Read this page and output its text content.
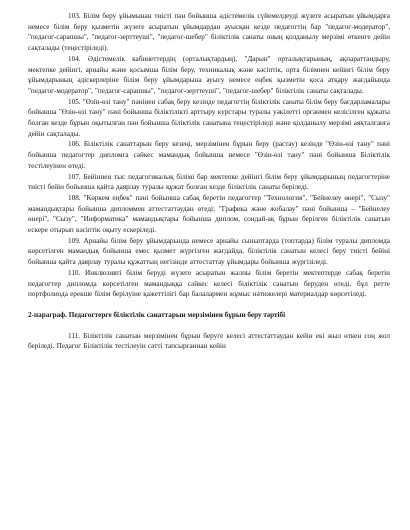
103. Білім беру ұйымынан тиісті пән бойынша әдістемелік сүйемелдеуді жүзеге асыратын ұйымдарға немесе білім беру қызметін жүзеге асыратын ұйымдардан ауысқан кезде педагогтің бар "педагог-модератор", "педагог-сарапшы", "педагог-зерттеуші", "педагог-шебер" біліктілік санаты оның қолданылу мерзімі өткенге дейін сақталады (теңестіріледі).

104. Әдістемелік кабинеттердің (орталықтардың), "Дарын" орталықтарының, ақпараттандыру, мектепке дейінгі, арнайы және қосымша білім беру, техникалық және кәсіптік, орта білімнен кейінгі білім беру ұйымдарының әдіскерлеріне білім беру ұйымдарына ауысу немесе еңбек қызметін қоса атқару жағдайында "педагог-модератор", "педагог-сарапшы", "педагог-зерттеуші", "педагог-шебер" біліктілік санаты сақталады.

105. "Өзін-өзі тану" пәнінен сабақ беру кезінде педагогтің біліктілік санаты білім беру бағдарламалары бойынша "Өзін-өзі тану" пәні бойынша біліктілікті арттыру курстары туралы уәкілетті органмен келісілген құжаты болған кезде бұрын оқытылған пән бойынша біліктілік санатына теңестіріледі және қолданылу мерзімі аяқталғанға дейін сақталады.

106. Біліктілік санаттарын беру кезеңі, мерзімінен бұрын беру (растау) кезінде "Өзін-өзі тану" пәні бойынша педагогтер дипломға сәйкес мамандық бойынша немесе "Өзін-өзі тану" пәні бойынша Біліктілік тестілеуінен өтеді.

107. Бейіннен тыс педагогикалық білімі бар мектепке дейінгі білім беру ұйымдарының педагогтеріне тиісті бейін бойынша қайта даярлау туралы құжат болған кезде біліктілік санаты беріледі.

108. "Көркем еңбек" пәні бойынша сабақ беретін педагогтер "Технология", "Бейнелеу өнері", "Сызу" мамандықтары бойынша дипломмен аттестаттаудан өтеді; "Графика және жобалау" пәні бойынша – "Бейнелеу өнері", "Сызу", "Информатика" мамандықтары бойынша диплом, сондай-ақ бұрын берілген біліктілік санатын ескере отырып кәсіптік оқыту ескеріледі.

109. Арнайы білім беру ұйымдарында немесе арнайы сыныптарда (топтарда) білім туралы дипломда көрсетілген мамандық бойынша емес қызмет жүргізген жағдайда, біліктілік санатын келесі беру тиісті бейіні бойынша қайта даярлау туралы құжаттың негізінде аттестаттау ұйымдары бойынша жүргізіледі.

110. Инклюзивті білім беруді жүзеге асыратын жалпы білім беретін мектептерде сабақ беретін педагогтер дипломда көрсетілген мамандыққа сәйкес келесі біліктілік санатын беруден өтеді, бұл ретте портфолиода ерекше білім берілуіне қажеттілігі бар балалармен жұмыс нәтижелері материалдар көрсетіледі.

2-параграф. Педагогтерге біліктілік санаттарын мерзімінен бұрын беру тәртібі

111. Біліктілік санатын мерзімінен бұрын беруге келесі аттестаттаудан кейін екі жыл өткен соң жол беріледі. Педагог Біліктілік тестілеуін сәтті тапсырғаннан кейін
